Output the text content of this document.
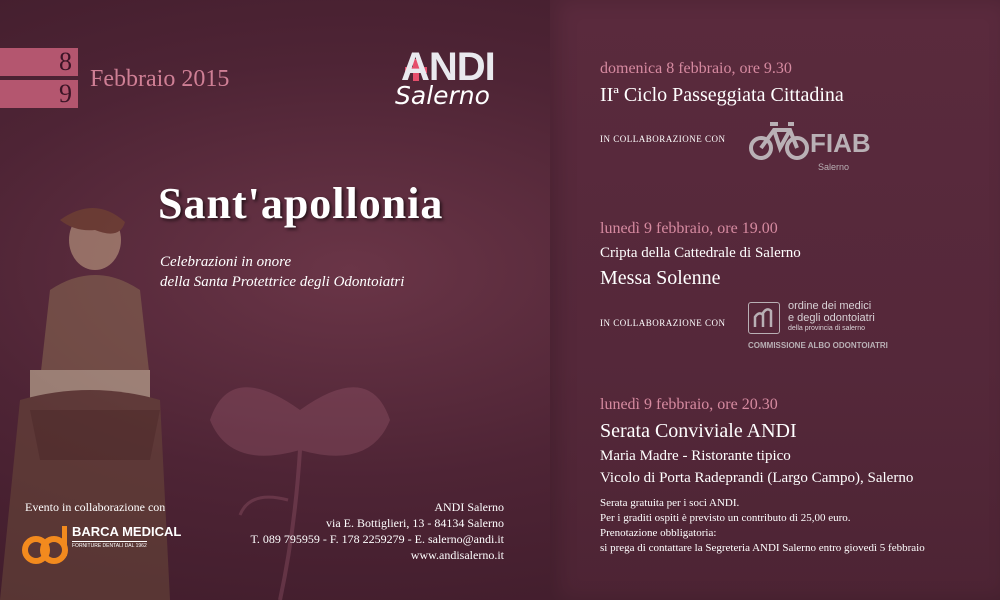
8
9 Febbraio 2015	ANDI
Salerno
Sant'apollonia
Celebrazioni in onore
della Santa Protettrice degli Odontoiatri
Evento in collaborazione con
BARCA MEDICAL
FORNITURE DENTALI DAL 1962
ANDI Salerno
via E. Bottiglieri, 13 - 84134 Salerno
T. 089 795959 - F. 178 2259279 - E. salerno@andi.it
www.andisalerno.it
domenica 8 febbraio, ore 9.30
IIª Ciclo Passeggiata Cittadina
IN COLLABORAZIONE CON	FIAB
Salerno
lunedì 9 febbraio, ore 19.00
Cripta della Cattedrale di Salerno
Messa Solenne
IN COLLABORAZIONE CON
ordine dei medici
e degli odontoiatri
della provincia di salerno
COMMISSIONE ALBO ODONTOIATRI
lunedì 9 febbraio, ore 20.30
Serata Conviviale ANDI
Maria Madre - Ristorante tipico
Vicolo di Porta Radeprandi (Largo Campo), Salerno
Serata gratuita per i soci ANDI.
Per i graditi ospiti è previsto un contributo di 25,00 euro.
Prenotazione obbligatoria:
si prega di contattare la Segreteria ANDI Salerno entro giovedì 5 febbraio
